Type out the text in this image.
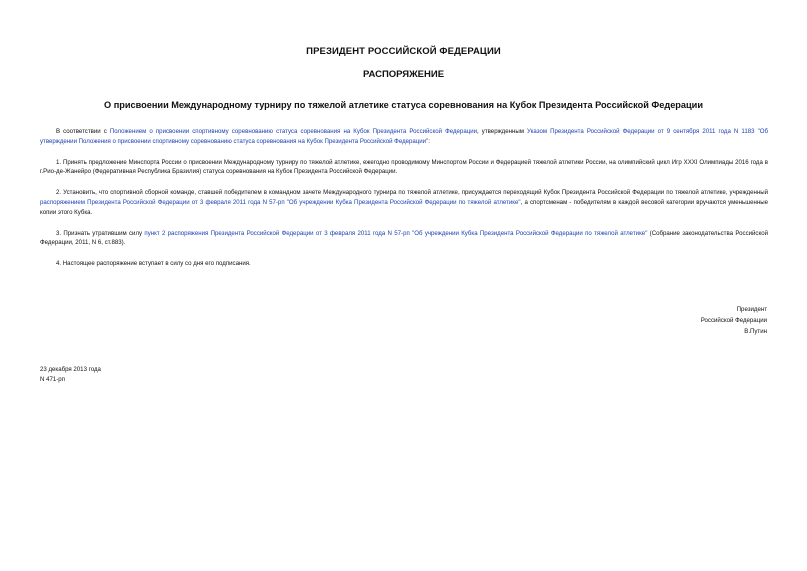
ПРЕЗИДЕНТ РОССИЙСКОЙ ФЕДЕРАЦИИ
РАСПОРЯЖЕНИЕ
О присвоении Международному турниру по тяжелой атлетике статуса соревнования на Кубок Президента Российской Федерации

В соответствии с Положением о присвоении спортивному соревнованию статуса соревнования на Кубок Президента Российской Федерации, утвержденным Указом Президента Российской Федерации от 9 сентября 2011 года N 1183 "Об утверждении Положения о присвоении спортивному соревнованию статуса соревнования на Кубок Президента Российской Федерации":

1. Принять предложение Минспорта России о присвоении Международному турниру по тяжелой атлетике, ежегодно проводимому Минспортом России и Федерацией тяжелой атлетики России, на олимпийский цикл Игр XXXI Олимпиады 2016 года в г.Рио-де-Жанейро (Федеративная Республика Бразилия) статуса соревнования на Кубок Президента Российской Федерации.

2. Установить, что спортивной сборной команде, ставшей победителем в командном зачете Международного турнира по тяжелой атлетике, присуждается переходящий Кубок Президента Российской Федерации по тяжелой атлетике, учрежденный распоряжением Президента Российской Федерации от 3 февраля 2011 года N 57-рп "Об учреждении Кубка Президента Российской Федерации по тяжелой атлетике", а спортсменам - победителям в каждой весовой категории вручаются уменьшенные копии этого Кубка.

3. Признать утратившим силу пункт 2 распоряжения Президента Российской Федерации от 3 февраля 2011 года N 57-рп "Об учреждении Кубка Президента Российской Федерации по тяжелой атлетике" (Собрание законодательства Российской Федерации, 2011, N 6, ст.883).

4. Настоящее распоряжение вступает в силу со дня его подписания.

Президент
Российской Федерации
В.Путин
23 декабря 2013 года
N 471-рп
